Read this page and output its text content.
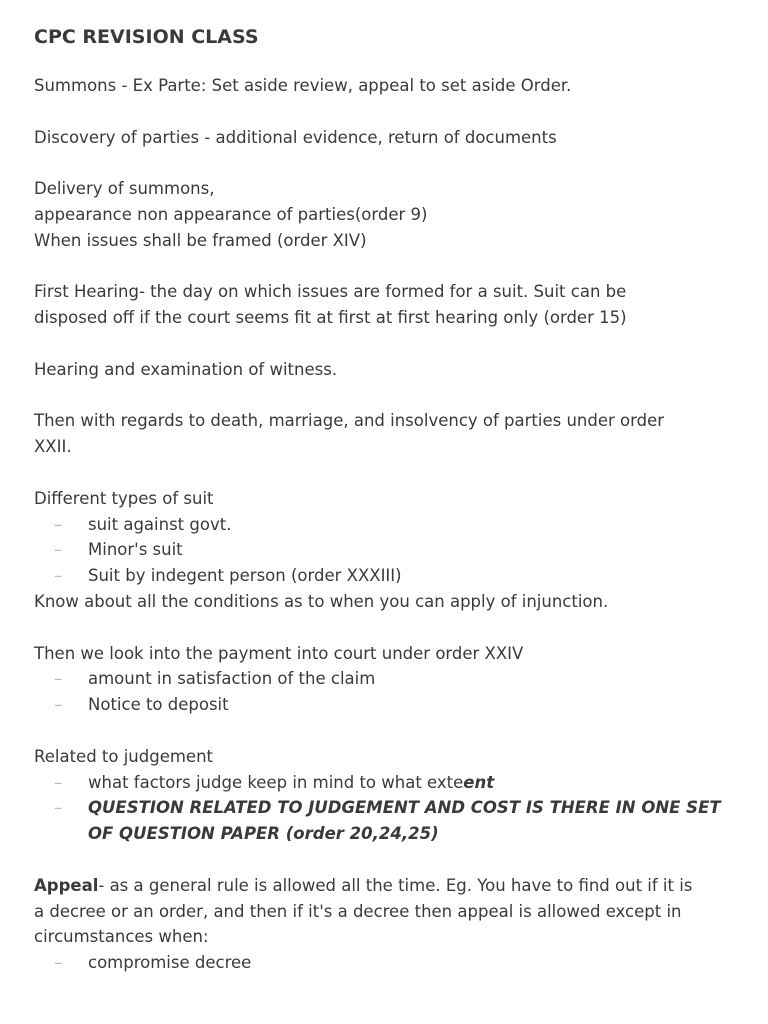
CPC REVISION CLASS
Summons - Ex Parte: Set aside review, appeal to set aside Order.
Discovery of parties - additional evidence, return of documents
Delivery of summons,
appearance non appearance of parties(order 9)
When issues shall be framed (order XIV)
First Hearing- the day on which issues are formed for a suit. Suit can be
disposed off if the court seems fit at first at first hearing only (order 15)
Hearing and examination of witness.
Then with regards to death, marriage, and insolvency of parties under order
XXII.
Different types of suit
– suit against govt.
– Minor's suit
– Suit by indegent person (order XXXIII)
Know about all the conditions as to when you can apply of injunction.
Then we look into the payment into court under order XXIV
– amount in satisfaction of the claim
– Notice to deposit
Related to judgement
– what factors judge keep in mind to what exteent
– QUESTION RELATED TO JUDGEMENT AND COST IS THERE IN ONE SET
OF QUESTION PAPER (order 20,24,25)
Appeal- as a general rule is allowed all the time. Eg. You have to find out if it is
a decree or an order, and then if it's a decree then appeal is allowed except in
circumstances when:
– compromise decree
